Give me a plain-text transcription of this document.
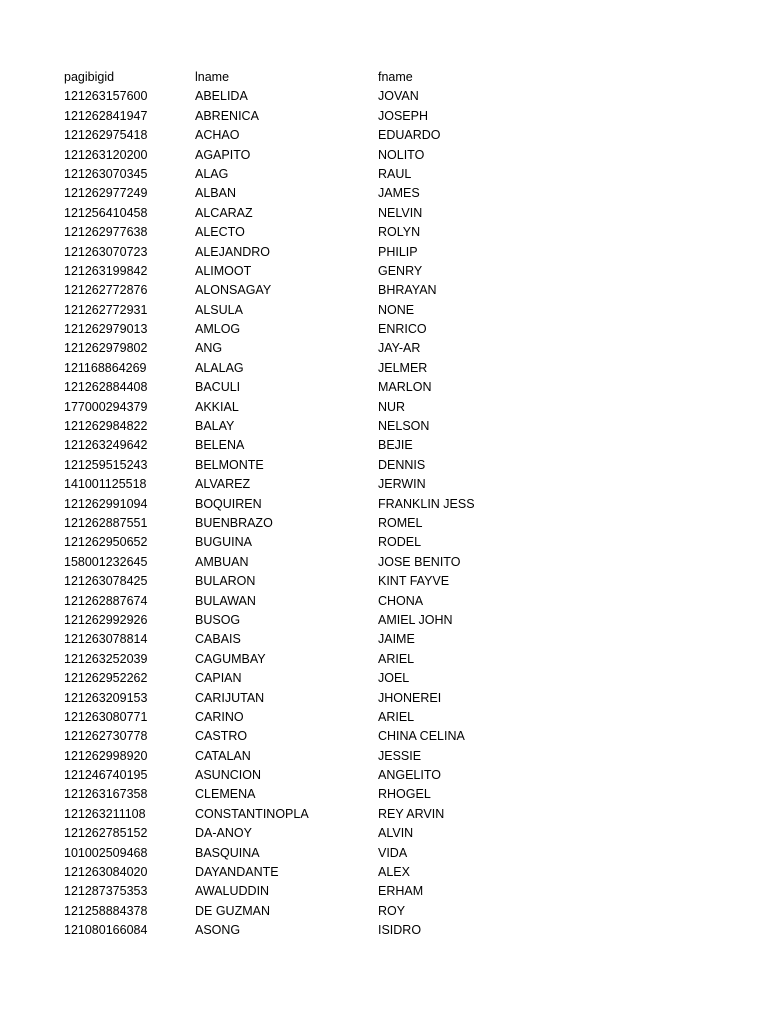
pagibigid	lname	fname
121263157600	ABELIDA	JOVAN
121262841947	ABRENICA	JOSEPH
121262975418	ACHAO	EDUARDO
121263120200	AGAPITO	NOLITO
121263070345	ALAG	RAUL
121262977249	ALBAN	JAMES
121256410458	ALCARAZ	NELVIN
121262977638	ALECTO	ROLYN
121263070723	ALEJANDRO	PHILIP
121263199842	ALIMOOT	GENRY
121262772876	ALONSAGAY	BHRAYAN
121262772931	ALSULA	NONE
121262979013	AMLOG	ENRICO
121262979802	ANG	JAY-AR
121168864269	ALALAG	JELMER
121262884408	BACULI	MARLON
177000294379	AKKIAL	NUR
121262984822	BALAY	NELSON
121263249642	BELENA	BEJIE
121259515243	BELMONTE	DENNIS
141001125518	ALVAREZ	JERWIN
121262991094	BOQUIREN	FRANKLIN JESS
121262887551	BUENBRAZO	ROMEL
121262950652	BUGUINA	RODEL
158001232645	AMBUAN	JOSE BENITO
121263078425	BULARON	KINT FAYVE
121262887674	BULAWAN	CHONA
121262992926	BUSOG	AMIEL JOHN
121263078814	CABAIS	JAIME
121263252039	CAGUMBAY	ARIEL
121262952262	CAPIAN	JOEL
121263209153	CARIJUTAN	JHONEREI
121263080771	CARINO	ARIEL
121262730778	CASTRO	CHINA CELINA
121262998920	CATALAN	JESSIE
121246740195	ASUNCION	ANGELITO
121263167358	CLEMENA	RHOGEL
121263211108	CONSTANTINOPLA	REY ARVIN
121262785152	DA-ANOY	ALVIN
101002509468	BASQUINA	VIDA
121263084020	DAYANDANTE	ALEX
121287375353	AWALUDDIN	ERHAM
121258884378	DE GUZMAN	ROY
121080166084	ASONG	ISIDRO
